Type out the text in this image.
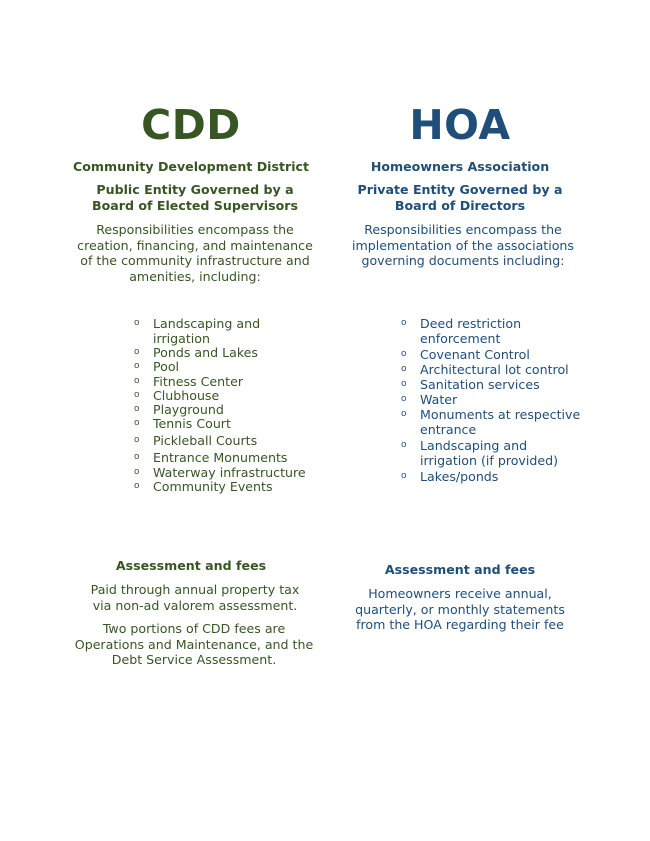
CDD
Community Development District
Public Entity Governed by a Board of Elected Supervisors
Responsibilities encompass the creation, financing, and maintenance of the community infrastructure and amenities, including:
o Landscaping and irrigation
o Ponds and Lakes
o Pool
o Fitness Center
o Clubhouse
o Playground
o Tennis Court
o Pickleball Courts
o Entrance Monuments
o Waterway infrastructure
o Community Events
Assessment and fees
Paid through annual property tax via non-ad valorem assessment.
Two portions of CDD fees are Operations and Maintenance, and the Debt Service Assessment.
HOA
Homeowners Association
Private Entity Governed by a Board of Directors
Responsibilities encompass the implementation of the associations governing documents including:
o Deed restriction enforcement
o Covenant Control
o Architectural lot control
o Sanitation services
o Water
o Monuments at respective entrance
o Landscaping and irrigation (if provided)
o Lakes/ponds
Assessment and fees
Homeowners receive annual, quarterly, or monthly statements from the HOA regarding their fee
